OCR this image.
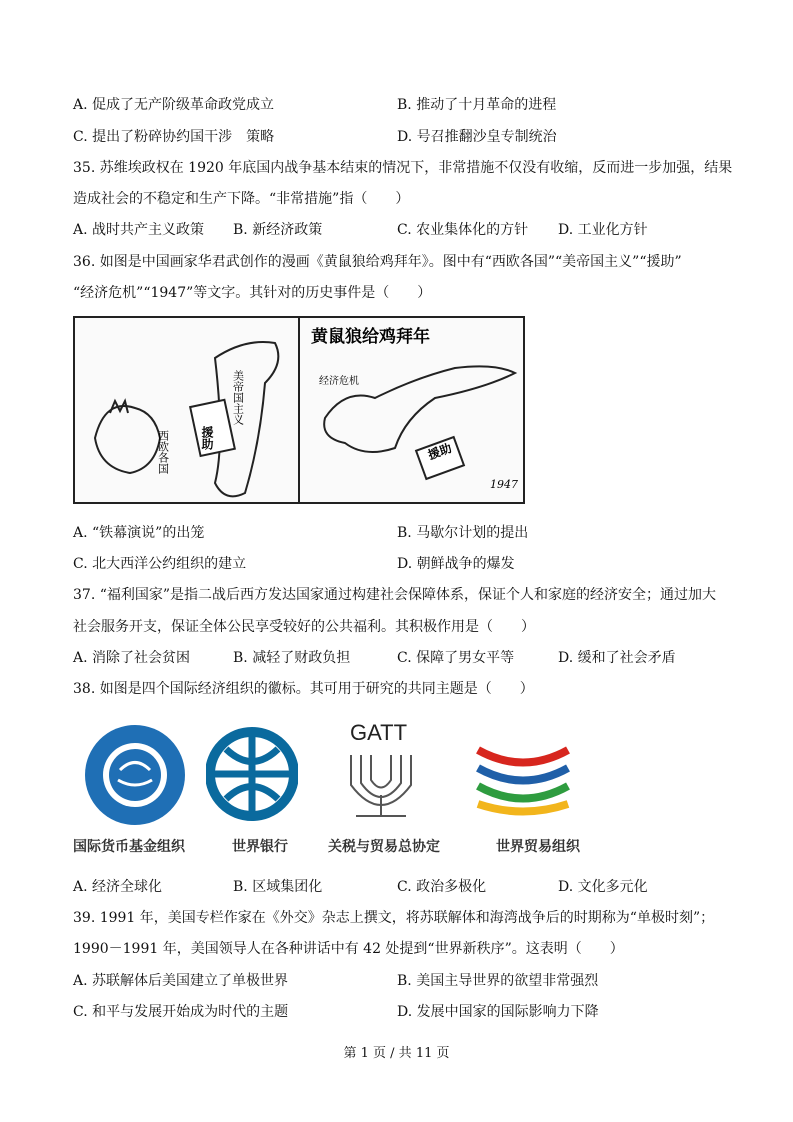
A. 促成了无产阶级革命政党成立	B. 推动了十月革命的进程
C. 提出了粉碎协约国干涉　策略	D. 号召推翻沙皇专制统治
35. 苏维埃政权在 1920 年底国内战争基本结束的情况下，非常措施不仅没有收缩，反而进一步加强，结果
造成社会的不稳定和生产下降。“非常措施”指（　　）
A. 战时共产主义政策 B. 新经济政策	C. 农业集体化的方针 D. 工业化方针
36. 如图是中国画家华君武创作的漫画《黄鼠狼给鸡拜年》。图中有“西欧各国”“美帝国主义”“援助”
“经济危机”“1947”等文字。其针对的历史事件是（　　）
援助
美帝国主义
西欧各国
黄鼠狼给鸡拜年
经济危机
援助
1947
A. “铁幕演说”的出笼	B. 马歇尔计划的提出
C. 北大西洋公约组织的建立	D. 朝鲜战争的爆发
37. “福利国家”是指二战后西方发达国家通过构建社会保障体系，保证个人和家庭的经济安全；通过加大
社会服务开支，保证全体公民享受较好的公共福利。其积极作用是（　　）
A. 消除了社会贫困	B. 减轻了财政负担	C. 保障了男女平等	D. 缓和了社会矛盾
38. 如图是四个国际经济组织的徽标。其可用于研究的共同主题是（　　）
GATT
国际货币基金组织	世界银行	关税与贸易总协定	世界贸易组织
A. 经济全球化	B. 区域集团化	C. 政治多极化	D. 文化多元化
39. 1991 年，美国专栏作家在《外交》杂志上撰文，将苏联解体和海湾战争后的时期称为“单极时刻”；
1990－1991 年，美国领导人在各种讲话中有 42 处提到“世界新秩序”。这表明（　　）
A. 苏联解体后美国建立了单极世界	B. 美国主导世界的欲望非常强烈
C. 和平与发展开始成为时代的主题	D. 发展中国家的国际影响力下降
第 1 页 / 共 11 页
